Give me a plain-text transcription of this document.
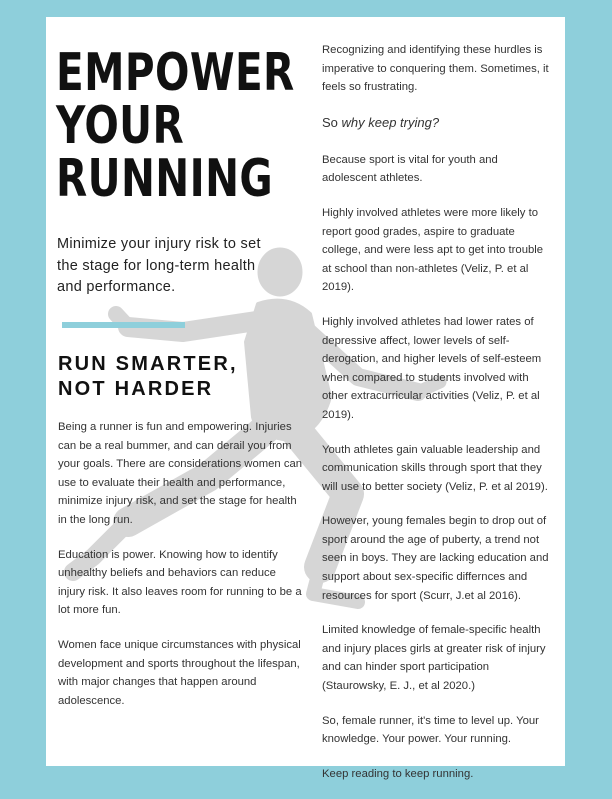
EMPOWER
YOUR
RUNNING

Minimize your injury risk to set the stage for long-term health and performance.

RUN SMARTER, NOT HARDER

Being a runner is fun and empowering. Injuries can be a real bummer, and can derail you from your goals. There are considerations women can use to evaluate their health and performance, minimize injury risk, and set the stage for health in the long run.

Education is power. Knowing how to identify unhealthy beliefs and behaviors can reduce injury risk. It also leaves room for running to be a lot more fun.

Women face unique circumstances with physical development and sports throughout the lifespan, with major changes that happen around adolescence.

Recognizing and identifying these hurdles is imperative to conquering them. Sometimes, it feels so frustrating.

So why keep trying?

Because sport is vital for youth and adolescent athletes.

Highly involved athletes were more likely to report good grades, aspire to graduate college, and were less apt to get into trouble at school than non-athletes (Veliz, P. et al 2019).

Highly involved athletes had lower rates of depressive affect, lower levels of self-derogation, and higher levels of self-esteem when compared to students involved with other extracurricular activities (Veliz, P. et al 2019).

Youth athletes gain valuable leadership and communication skills through sport that they will use to better society (Veliz, P. et al 2019).

However, young females begin to drop out of sport around the age of puberty, a trend not seen in boys. They are lacking education and support about sex-specific differnces and resources for sport (Scurr, J.et al 2016).

Limited knowledge of female-specific health and injury places girls at greater risk of injury and can hinder sport participation (Staurowsky, E. J., et al 2020.)

So, female runner, it's time to level up. Your knowledge. Your power. Your running.

Keep reading to keep running.
